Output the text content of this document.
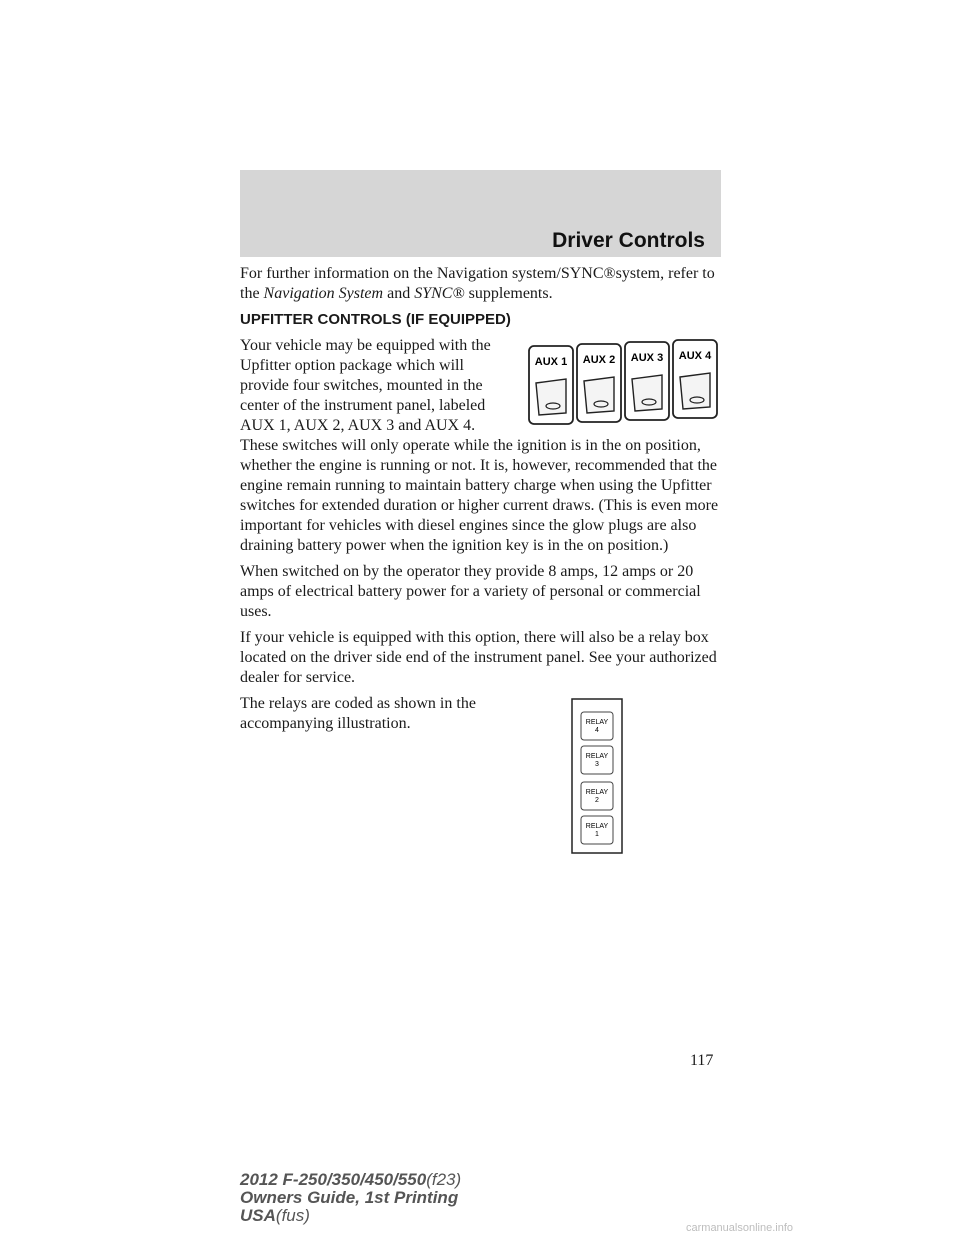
Driver Controls

For further information on the Navigation system/SYNC®system, refer to the Navigation System and SYNC® supplements.

UPFITTER CONTROLS (IF EQUIPPED)
AUX 1 AUX 2 AUX 3 AUX 4

Your vehicle may be equipped with the Upfitter option package which will provide four switches, mounted in the center of the instrument panel, labeled AUX 1, AUX 2, AUX 3 and AUX 4. These switches will only operate while the ignition is in the on position, whether the engine is running or not. It is, however, recommended that the engine remain running to maintain battery charge when using the Upfitter switches for extended duration or higher current draws. (This is even more important for vehicles with diesel engines since the glow plugs are also draining battery power when the ignition key is in the on position.)

When switched on by the operator they provide 8 amps, 12 amps or 20 amps of electrical battery power for a variety of personal or commercial uses.

If your vehicle is equipped with this option, there will also be a relay box located on the driver side end of the instrument panel. See your authorized dealer for service.

RELAY
4
RELAY
3
RELAY
2
RELAY
1

The relays are coded as shown in the accompanying illustration.

117
2012 F-250/350/450/550(f23)
Owners Guide, 1st Printing
USA(fus)
carmanualsonline.info
